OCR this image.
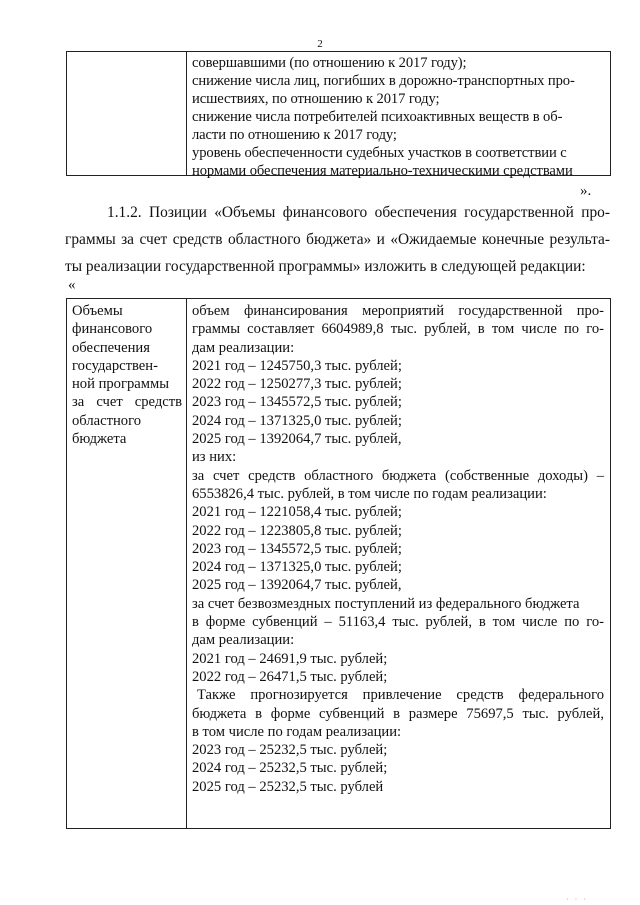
2
совершавшими (по отношению к 2017 году);
снижение числа лиц, погибших в дорожно-транспортных про-
исшествиях, по отношению к 2017 году;
снижение числа потребителей психоактивных веществ в об-
ласти по отношению к 2017 году;
уровень обеспеченности судебных участков в соответствии с
нормами обеспечения материально-техническими средствами
».
1.1.2. Позиции «Объемы финансового обеспечения государственной про-
граммы за счет средств областного бюджета» и «Ожидаемые конечные результа-
ты реализации государственной программы» изложить в следующей редакции:
«
Объемы
финансового
обеспечения
государствен-
ной программы
за счет средств
областного
бюджета
объем финансирования мероприятий государственной про-
граммы составляет 6604989,8 тыс. рублей, в том числе по го-
дам реализации:
2021 год – 1245750,3 тыс. рублей;
2022 год – 1250277,3 тыс. рублей;
2023 год – 1345572,5 тыс. рублей;
2024 год – 1371325,0 тыс. рублей;
2025 год – 1392064,7 тыс. рублей,
из них:
за счет средств областного бюджета (собственные доходы) –
6553826,4 тыс. рублей, в том числе по годам реализации:
2021 год – 1221058,4 тыс. рублей;
2022 год – 1223805,8 тыс. рублей;
2023 год – 1345572,5 тыс. рублей;
2024 год – 1371325,0 тыс. рублей;
2025 год – 1392064,7 тыс. рублей,
за счет безвозмездных поступлений из федерального бюджета
в форме субвенций – 51163,4 тыс. рублей, в том числе по го-
дам реализации:
2021 год – 24691,9 тыс. рублей;
2022 год – 26471,5 тыс. рублей;
Также прогнозируется привлечение средств федерального
бюджета в форме субвенций в размере 75697,5 тыс. рублей,
в том числе по годам реализации:
2023 год – 25232,5 тыс. рублей;
2024 год – 25232,5 тыс. рублей;
2025 год – 25232,5 тыс. рублей
· · ·
